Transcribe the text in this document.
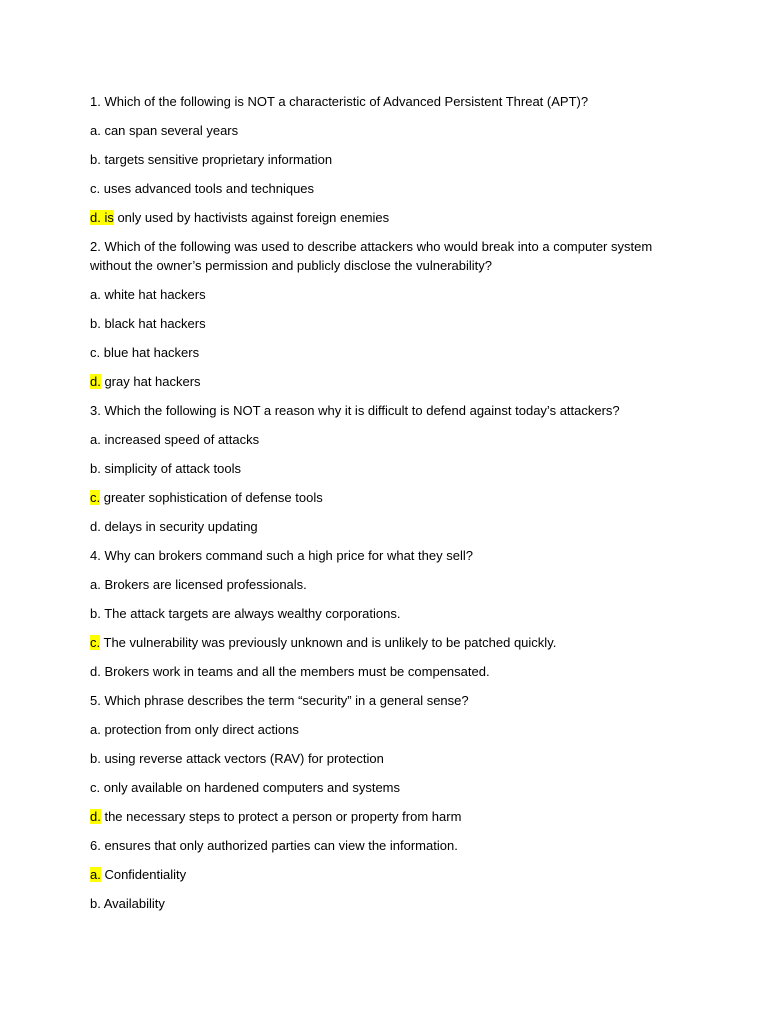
1. Which of the following is NOT a characteristic of Advanced Persistent Threat (APT)?

a. can span several years

b. targets sensitive proprietary information

c. uses advanced tools and techniques

d. is only used by hactivists against foreign enemies

2. Which of the following was used to describe attackers who would break into a computer system without the owner’s permission and publicly disclose the vulnerability?

a. white hat hackers

b. black hat hackers

c. blue hat hackers

d. gray hat hackers

3. Which the following is NOT a reason why it is difficult to defend against today’s attackers?

a. increased speed of attacks

b. simplicity of attack tools

c. greater sophistication of defense tools

d. delays in security updating

4. Why can brokers command such a high price for what they sell?

a. Brokers are licensed professionals.

b. The attack targets are always wealthy corporations.

c. The vulnerability was previously unknown and is unlikely to be patched quickly.

d. Brokers work in teams and all the members must be compensated.

5. Which phrase describes the term “security” in a general sense?

a. protection from only direct actions

b. using reverse attack vectors (RAV) for protection

c. only available on hardened computers and systems

d. the necessary steps to protect a person or property from harm

6. ensures that only authorized parties can view the information.

a. Confidentiality

b. Availability
